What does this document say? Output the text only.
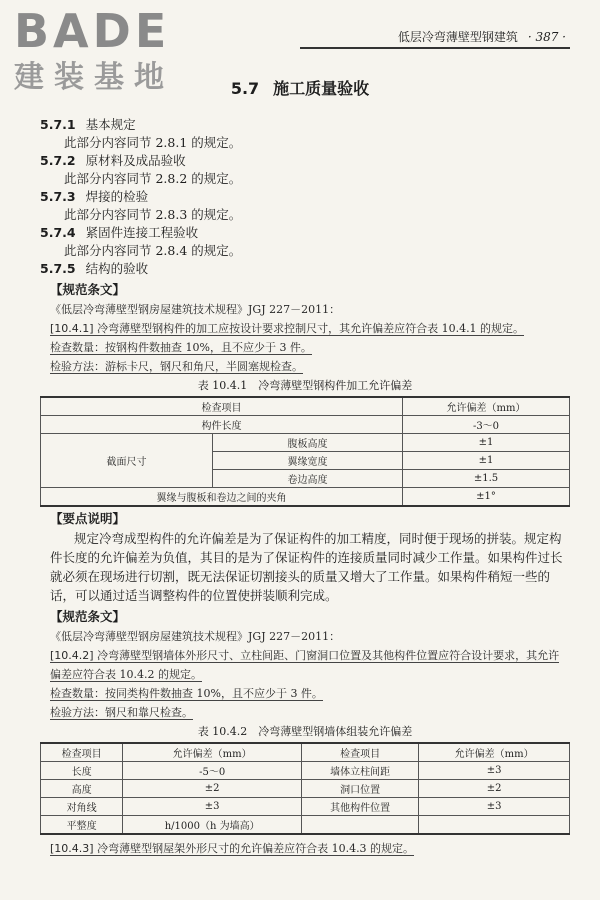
BADE
建装基地
低层冷弯薄壁型钢建筑 · 387 ·
5.7 施工质量验收
5.7.1 基本规定
此部分内容同节 2.8.1 的规定。
5.7.2 原材料及成品验收
此部分内容同节 2.8.2 的规定。
5.7.3 焊接的检验
此部分内容同节 2.8.3 的规定。
5.7.4 紧固件连接工程验收
此部分内容同节 2.8.4 的规定。
5.7.5 结构的验收
【规范条文】
《低层冷弯薄壁型钢房屋建筑技术规程》JGJ 227－2011：
[10.4.1] 冷弯薄壁型钢构件的加工应按设计要求控制尺寸，其允许偏差应符合表 10.4.1 的规定。
检查数量：按钢构件数抽查 10%，且不应少于 3 件。
检验方法：游标卡尺，钢尺和角尺，半圆塞规检查。
表 10.4.1　冷弯薄壁型钢构件加工允许偏差
检查项目		允许偏差（mm）
构件长度		-3～0
截面尺寸	腹板高度	±1
	翼缘宽度	±1
	卷边高度	±1.5
翼缘与腹板和卷边之间的夹角		±1°
【要点说明】

规定冷弯成型构件的允许偏差是为了保证构件的加工精度，同时便于现场的拼装。规定构件长度的允许偏差为负值，其目的是为了保证构件的连接质量同时减少工作量。如果构件过长就必须在现场进行切割，既无法保证切割接头的质量又增大了工作量。如果构件稍短一些的话，可以通过适当调整构件的位置使拼装顺利完成。

【规范条文】
《低层冷弯薄壁型钢房屋建筑技术规程》JGJ 227－2011：
[10.4.2] 冷弯薄壁型钢墙体外形尺寸、立柱间距、门窗洞口位置及其他构件位置应符合设计要求，其允许偏差应符合表 10.4.2 的规定。
检查数量：按同类构件数抽查 10%，且不应少于 3 件。
检验方法：钢尺和靠尺检查。
表 10.4.2　冷弯薄壁型钢墙体组装允许偏差
检查项目	允许偏差（mm）	检查项目	允许偏差（mm）
长度	-5～0	墙体立柱间距	±3
高度	±2	洞口位置	±2
对角线	±3	其他构件位置	±3
平整度	h/1000（h 为墙高）		
[10.4.3] 冷弯薄壁型钢屋架外形尺寸的允许偏差应符合表 10.4.3 的规定。
